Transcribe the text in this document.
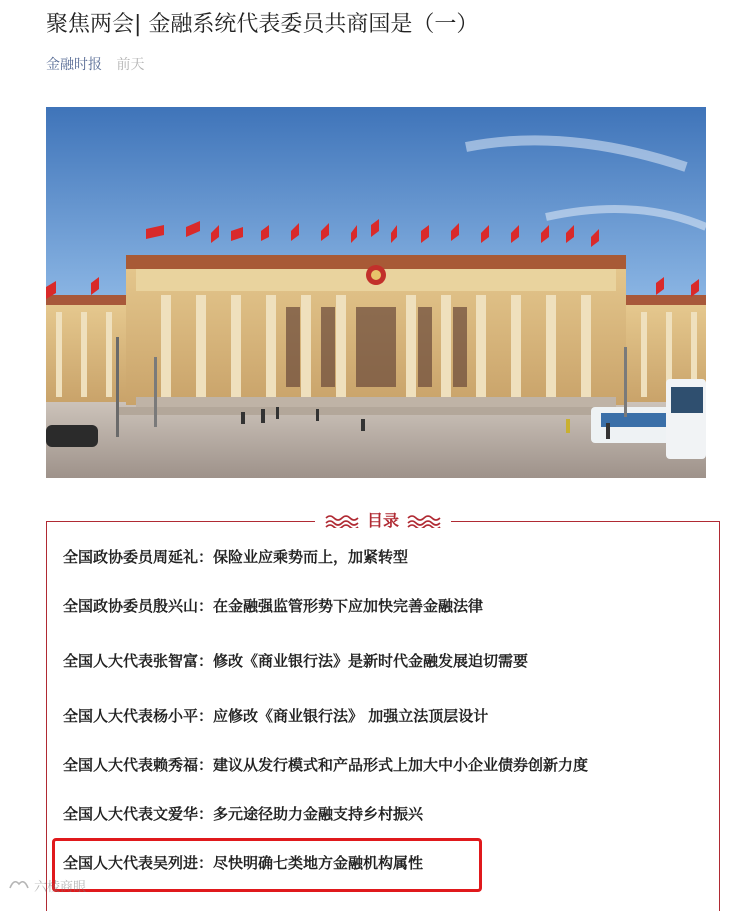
聚焦两会| 金融系统代表委员共商国是（一）
金融时报 前天
目录
全国政协委员周延礼：保险业应乘势而上，加紧转型
全国政协委员殷兴山：在金融强监管形势下应加快完善金融法律
全国人大代表张智富：修改《商业银行法》是新时代金融发展迫切需要
全国人大代表杨小平：应修改《商业银行法》 加强立法顶层设计
全国人大代表赖秀福：建议从发行模式和产品形式上加大中小企业债券创新力度
全国人大代表文爱华：多元途径助力金融支持乡村振兴
全国人大代表吴列进：尽快明确七类地方金融机构属性
六棱商眼
